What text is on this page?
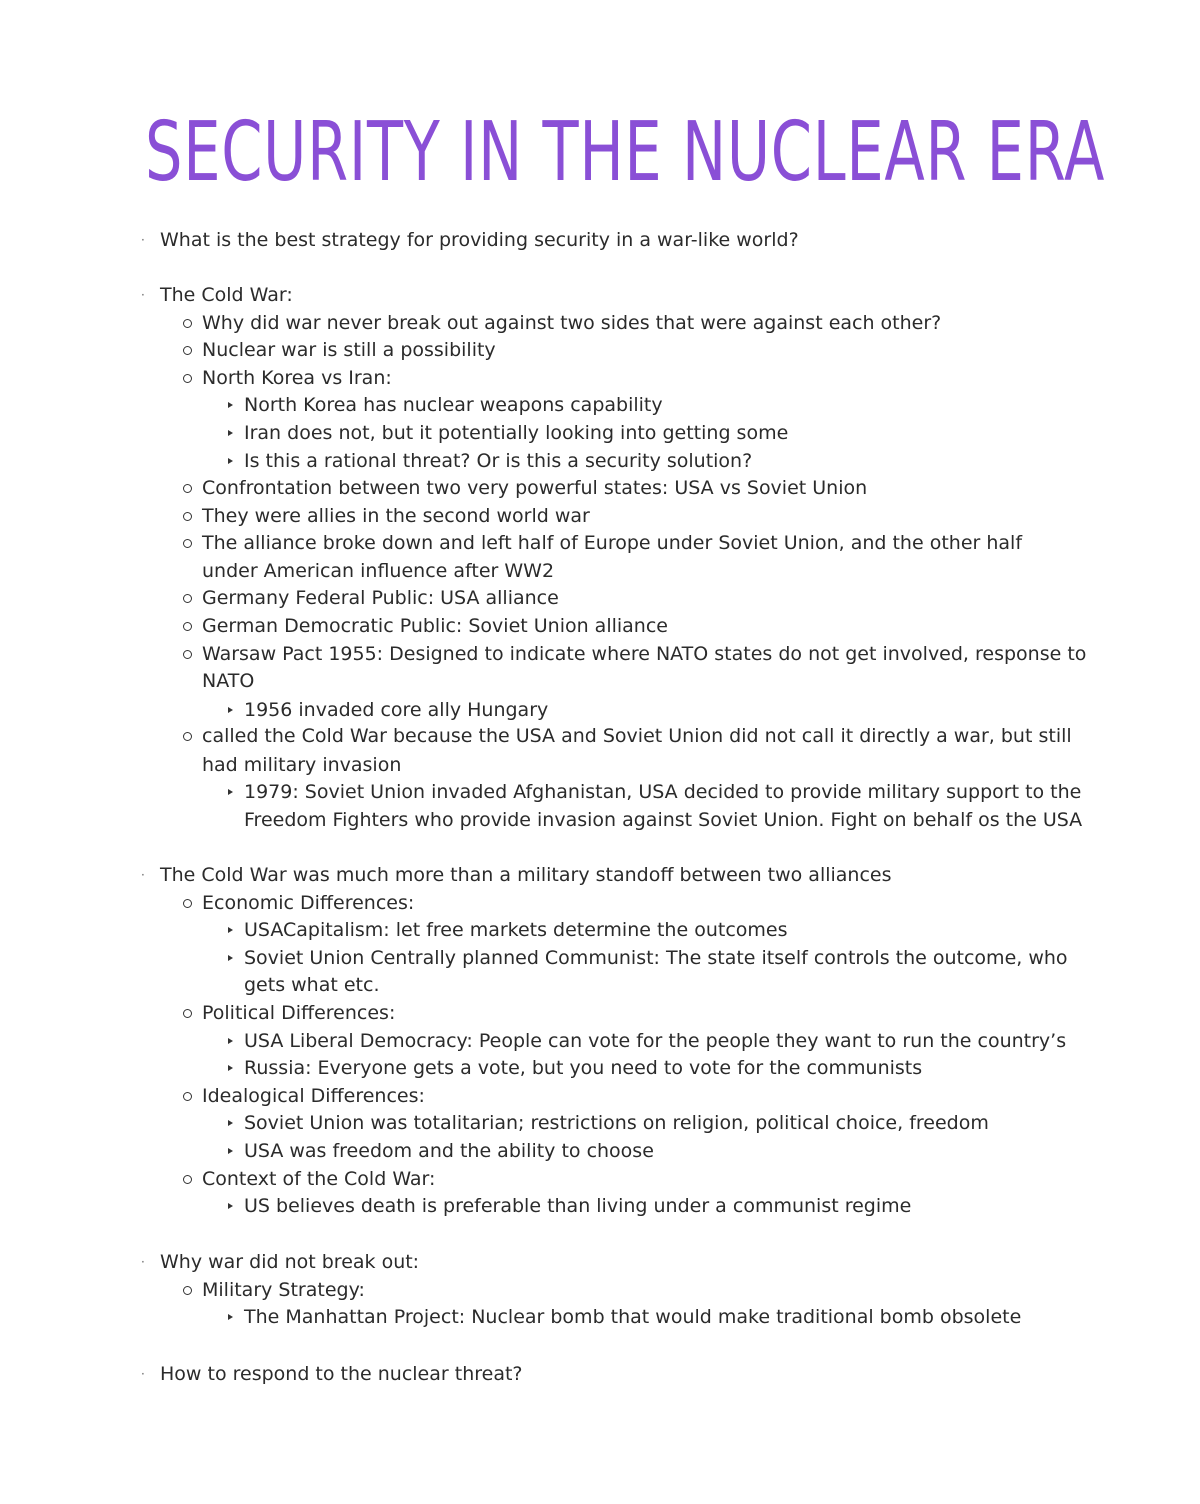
SECURITY IN THE NUCLEAR ERA
· What is the best strategy for providing security in a war-like world?
· The Cold War:
Why did war never break out against two sides that were against each other?
Nuclear war is still a possibility
North Korea vs Iran:
North Korea has nuclear weapons capability
Iran does not, but it potentially looking into getting some
Is this a rational threat? Or is this a security solution?
Confrontation between two very powerful states: USA vs Soviet Union
They were allies in the second world war
The alliance broke down and left half of Europe under Soviet Union, and the other half
under American influence after WW2
Germany Federal Public: USA alliance
German Democratic Public: Soviet Union alliance
Warsaw Pact 1955: Designed to indicate where NATO states do not get involved, response to
NATO
1956 invaded core ally Hungary
called the Cold War because the USA and Soviet Union did not call it directly a war, but still
had military invasion
1979: Soviet Union invaded Afghanistan, USA decided to provide military support to the
Freedom Fighters who provide invasion against Soviet Union. Fight on behalf os the USA
· The Cold War was much more than a military standoff between two alliances
Economic Differences:
USACapitalism: let free markets determine the outcomes
Soviet Union Centrally planned Communist: The state itself controls the outcome, who
gets what etc.
Political Differences:
USA Liberal Democracy: People can vote for the people they want to run the country’s
Russia: Everyone gets a vote, but you need to vote for the communists
Idealogical Differences:
Soviet Union was totalitarian; restrictions on religion, political choice, freedom
USA was freedom and the ability to choose
Context of the Cold War:
US believes death is preferable than living under a communist regime
· Why war did not break out:
Military Strategy:
The Manhattan Project: Nuclear bomb that would make traditional bomb obsolete
· How to respond to the nuclear threat?
